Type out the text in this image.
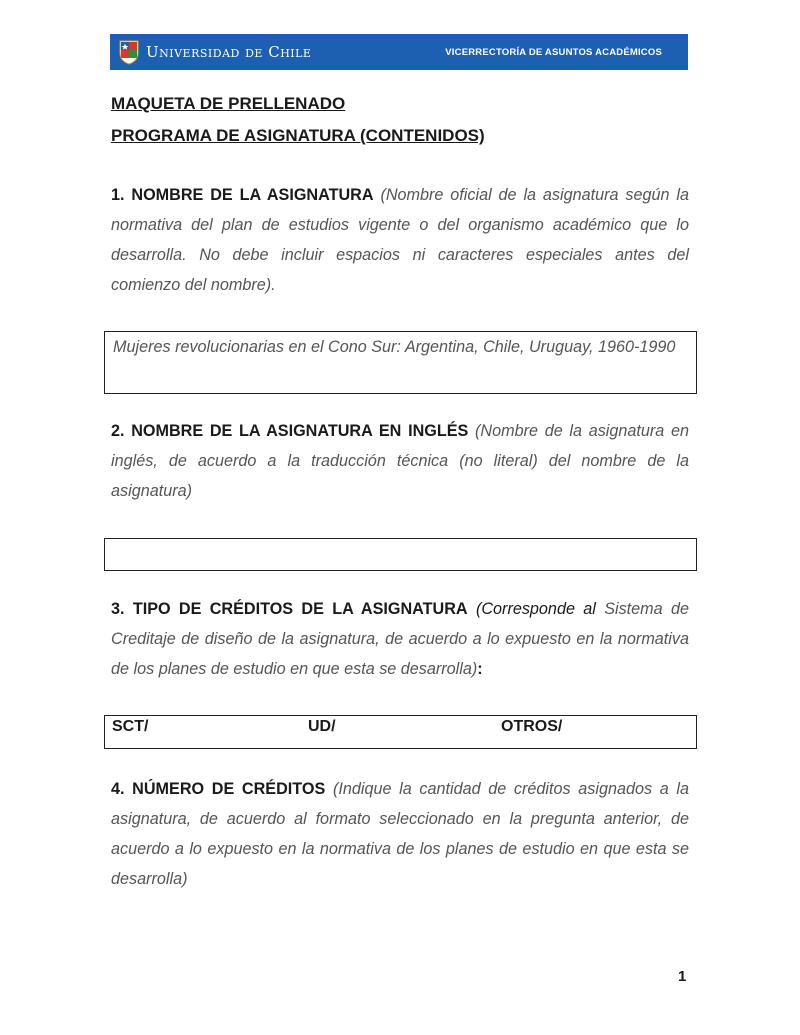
Universidad de Chile	VICERRECTORÍA DE ASUNTOS ACADÉMICOS

MAQUETA DE PRELLENADO

PROGRAMA DE ASIGNATURA (CONTENIDOS)

1. NOMBRE DE LA ASIGNATURA (Nombre oficial de la asignatura según la normativa del plan de estudios vigente o del organismo académico que lo desarrolla. No debe incluir espacios ni caracteres especiales antes del comienzo del nombre).

Mujeres revolucionarias en el Cono Sur: Argentina, Chile, Uruguay, 1960-1990

2. NOMBRE DE LA ASIGNATURA EN INGLÉS (Nombre de la asignatura en inglés, de acuerdo a la traducción técnica (no literal) del nombre de la asignatura)

3. TIPO DE CRÉDITOS DE LA ASIGNATURA (Corresponde al Sistema de Creditaje de diseño de la asignatura, de acuerdo a lo expuesto en la normativa de los planes de estudio en que esta se desarrolla):

SCT/	UD/	OTROS/

4. NÚMERO DE CRÉDITOS (Indique la cantidad de créditos asignados a la asignatura, de acuerdo al formato seleccionado en la pregunta anterior, de acuerdo a lo expuesto en la normativa de los planes de estudio en que esta se desarrolla)

1
